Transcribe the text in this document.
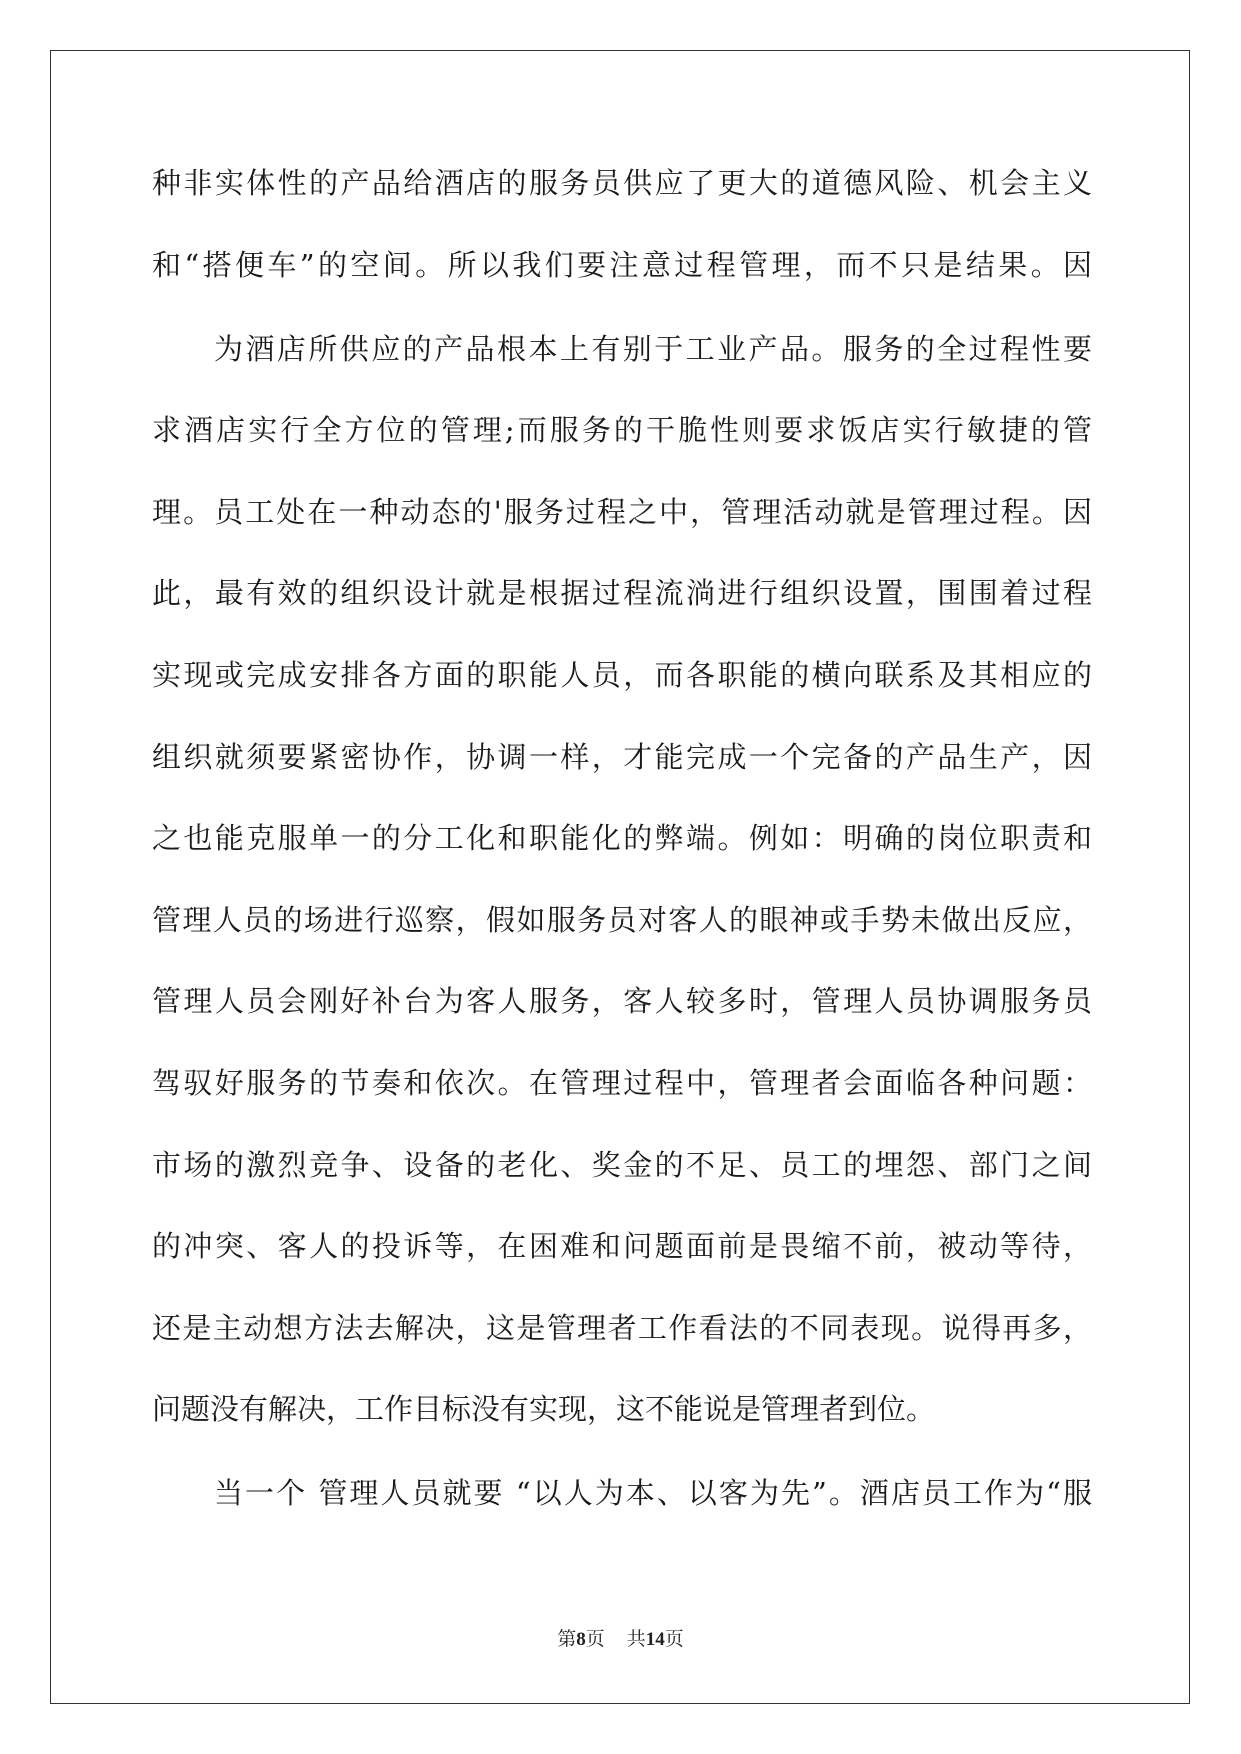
种非实体性的产品给酒店的服务员供应了更大的道德风险、机会主义
和“搭便车”的空间。所以我们要注意过程管理，而不只是结果。因
为酒店所供应的产品根本上有别于工业产品。服务的全过程性要
求酒店实行全方位的管理;而服务的干脆性则要求饭店实行敏捷的管
理。员工处在一种动态的'服务过程之中，管理活动就是管理过程。因
此，最有效的组织设计就是根据过程流淌进行组织设置，围围着过程
实现或完成安排各方面的职能人员，而各职能的横向联系及其相应的
组织就须要紧密协作，协调一样，才能完成一个完备的产品生产，因
之也能克服单一的分工化和职能化的弊端。例如：明确的岗位职责和
管理人员的场进行巡察，假如服务员对客人的眼神或手势未做出反应，
管理人员会刚好补台为客人服务，客人较多时，管理人员协调服务员
驾驭好服务的节奏和依次。在管理过程中，管理者会面临各种问题：
市场的激烈竞争、设备的老化、奖金的不足、员工的埋怨、部门之间
的冲突、客人的投诉等，在困难和问题面前是畏缩不前，被动等待，
还是主动想方法去解决，这是管理者工作看法的不同表现。说得再多，
问题没有解决，工作目标没有实现，这不能说是管理者到位。
当一个 管理人员就要 “以人为本、以客为先”。酒店员工作为“服
第8页 共14页
